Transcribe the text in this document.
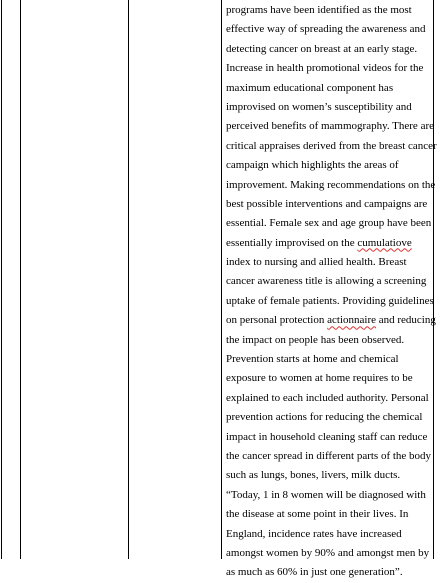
programs have been identified as the most
effective way of spreading the awareness and
detecting cancer on breast at an early stage.
Increase in health promotional videos for the
maximum educational component has
improvised on women’s susceptibility and
perceived benefits of mammography. There are
critical appraises derived from the breast cancer
campaign which highlights the areas of
improvement. Making recommendations on the
best possible interventions and campaigns are
essential. Female sex and age group have been
essentially improvised on the cumulatiove
index to nursing and allied health. Breast
cancer awareness title is allowing a screening
uptake of female patients. Providing guidelines
on personal protection actionnaire and reducing
the impact on people has been observed.
Prevention starts at home and chemical
exposure to women at home requires to be
explained to each included authority. Personal
prevention actions for reducing the chemical
impact in household cleaning staff can reduce
the cancer spread in different parts of the body
such as lungs, bones, livers, milk ducts.
“Today, 1 in 8 women will be diagnosed with
the disease at some point in their lives. In
England, incidence rates have increased
amongst women by 90% and amongst men by
as much as 60% in just one generation”.
